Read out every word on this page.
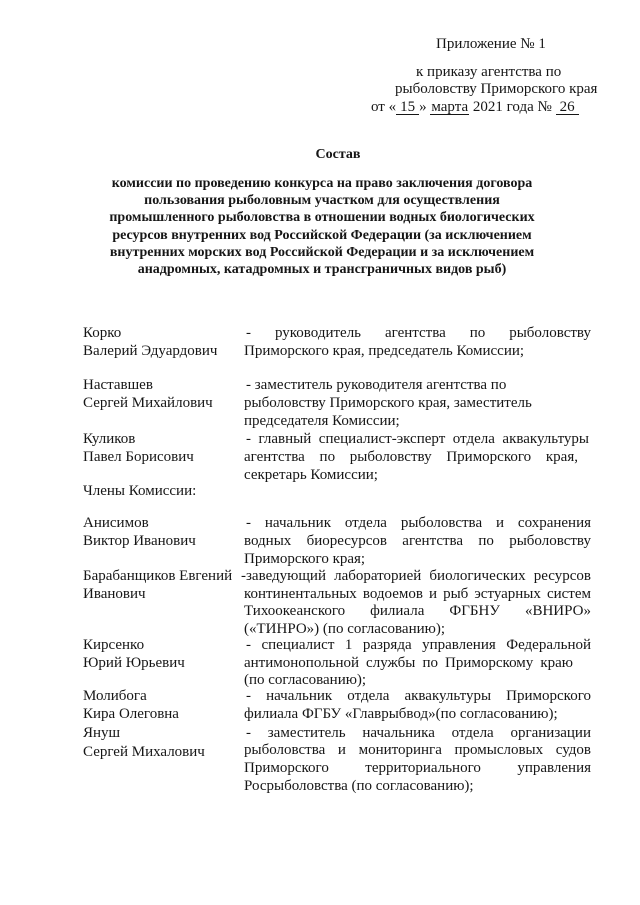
Приложение № 1
к приказу агентства по
рыболовству Приморского края
от « 15 » марта 2021 года № 26
Состав
комиссии по проведению конкурса на право заключения договора
пользования рыболовным участком для осуществления
промышленного рыболовства в отношении водных биологических
ресурсов внутренних вод Российской Федерации (за исключением
внутренних морских вод Российской Федерации и за исключением
анадромных, катадромных и трансграничных видов рыб)
Корко
Валерий Эдуардович
- руководитель агентства по рыболовству
Приморского края, председатель Комиссии;
Наставшев
Сергей Михайлович
- заместитель руководителя агентства по
рыболовству Приморского края, заместитель
председателя Комиссии;
Куликов
Павел Борисович
- главный специалист-эксперт отдела аквакультуры
агентства по рыболовству Приморского края,
секретарь Комиссии;
Члены Комиссии:
Анисимов
Виктор Иванович
- начальник отдела рыболовства и сохранения
водных биоресурсов агентства по рыболовству
Приморского края;
Барабанщиков Евгений
Иванович
-заведующий лабораторией биологических ресурсов
континентальных водоемов и рыб эстуарных систем
Тихоокеанского филиала ФГБНУ «ВНИРО»
(«ТИНРО») (по согласованию);
Кирсенко
Юрий Юрьевич
- специалист 1 разряда управления Федеральной
антимонопольной службы по Приморскому краю
(по согласованию);
Молибога
Кира Олеговна
- начальник отдела аквакультуры Приморского
филиала ФГБУ «Главрыбвод»(по согласованию);
Януш
Сергей Михалович
- заместитель начальника отдела организации
рыболовства и мониторинга промысловых судов
Приморского территориального управления
Росрыболовства (по согласованию);
